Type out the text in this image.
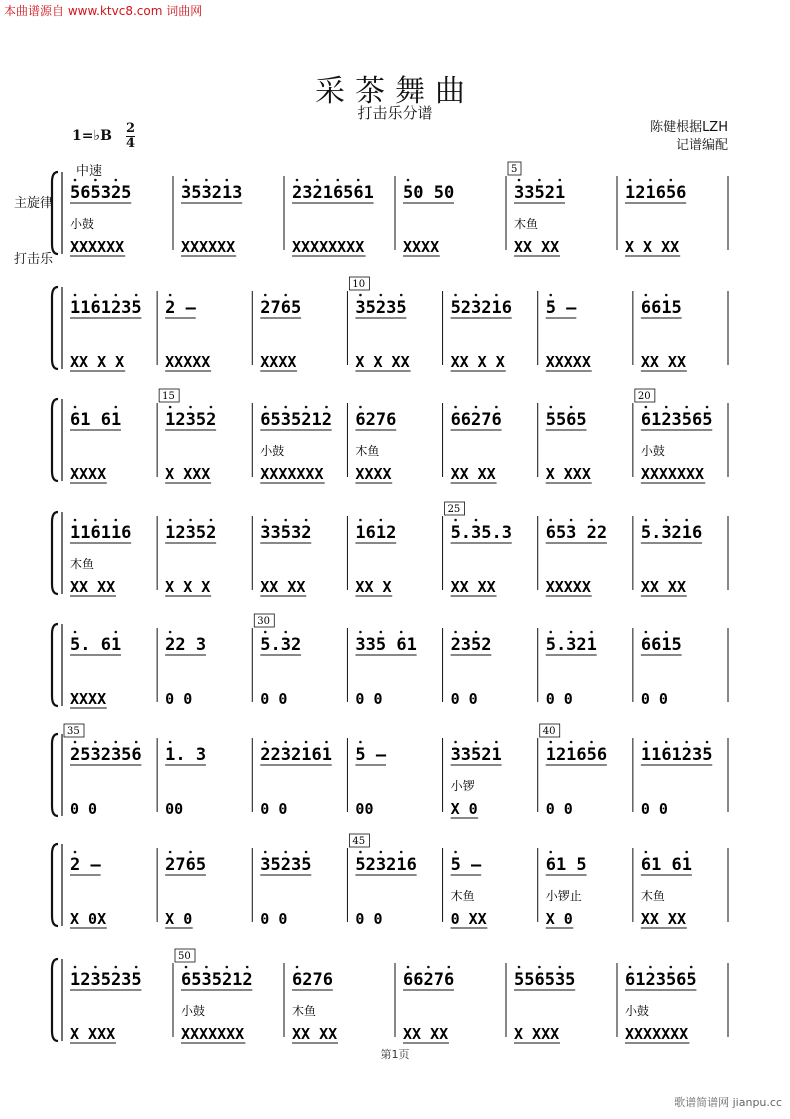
本曲谱源自 www.ktvc8.com 词曲网
采茶舞曲
打击乐分谱
陈健根据LZH
记谱编配
1=♭B 2
4
中速
主旋律
打击乐
565325
小鼓
XXXXXX
353213
XXXXXX
23216561
XXXXXXXX
50 50
XXXX
33521
木鱼
XX XX
5
121656
X X XX
1161235
XX X X
2 –
XXXXX
2765
XXXX
35235
X X XX
10
523216
XX X X
5 –
XXXXX
6615
XX XX
61 61
XXXX
12352
X XXX
15
6535212
小鼓
XXXXXXX
6276
木鱼
XXXX
66276
XX XX
5565
X XXX
6123565
小鼓
XXXXXXX
20
116116
木鱼
XX XX
12352
X X X
33532
XX XX
1612
XX X
5.35.3
XX XX
25
653 22
XXXXX
5.3216
XX XX
5. 61
XXXX
22 3
0 0
5.32
0 0
30
335 61
0 0
2352
0 0
5.321
0 0
6615
0 0
2532356
0 0
35
1. 3
00
2232161
0 0
5 –
00
33521
小锣
X 0
121656
0 0
40
1161235
0 0
2 –
X 0X
2765
X 0
35235
0 0
523216
0 0
45
5 –
木鱼
0 XX
61 5
小锣止
X 0
61 61
木鱼
XX XX
1235235
X XXX
6535212
小鼓
XXXXXXX
50
6276
木鱼
XX XX
66276
XX XX
556535
X XXX
6123565
小鼓
XXXXXXX
第1页
歌谱简谱网 jianpu.cc
